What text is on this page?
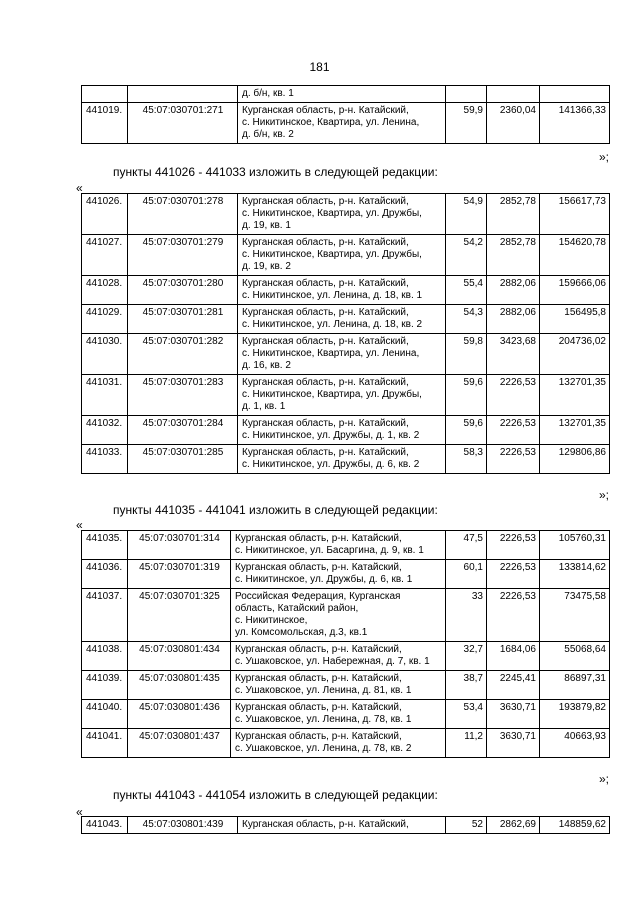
181
		д. б/н, кв. 1			
441019.	45:07:030701:271	Курганская область, р-н. Катайский,
с. Никитинское, Квартира, ул. Ленина,
д. б/н, кв. 2	59,9	2360,04	141366,33
»;
пункты 441026 - 441033 изложить в следующей редакции:
«
441026.	45:07:030701:278	Курганская область, р-н. Катайский,
с. Никитинское, Квартира, ул. Дружбы,
д. 19, кв. 1	54,9	2852,78	156617,73
441027.	45:07:030701:279	Курганская область, р-н. Катайский,
с. Никитинское, Квартира, ул. Дружбы,
д. 19, кв. 2	54,2	2852,78	154620,78
441028.	45:07:030701:280	Курганская область, р-н. Катайский,
с. Никитинское, ул. Ленина, д. 18, кв. 1	55,4	2882,06	159666,06
441029.	45:07:030701:281	Курганская область, р-н. Катайский,
с. Никитинское, ул. Ленина, д. 18, кв. 2	54,3	2882,06	156495,8
441030.	45:07:030701:282	Курганская область, р-н. Катайский,
с. Никитинское, Квартира, ул. Ленина,
д. 16, кв. 2	59,8	3423,68	204736,02
441031.	45:07:030701:283	Курганская область, р-н. Катайский,
с. Никитинское, Квартира, ул. Дружбы,
д. 1, кв. 1	59,6	2226,53	132701,35
441032.	45:07:030701:284	Курганская область, р-н. Катайский,
с. Никитинское, ул. Дружбы, д. 1, кв. 2	59,6	2226,53	132701,35
441033.	45:07:030701:285	Курганская область, р-н. Катайский,
с. Никитинское, ул. Дружбы, д. 6, кв. 2	58,3	2226,53	129806,86
»;
пункты 441035 - 441041 изложить в следующей редакции:
«
441035.	45:07:030701:314	Курганская область, р-н. Катайский,
с. Никитинское, ул. Басаргина, д. 9, кв. 1	47,5	2226,53	105760,31
441036.	45:07:030701:319	Курганская область, р-н. Катайский,
с. Никитинское, ул. Дружбы, д. 6, кв. 1	60,1	2226,53	133814,62
441037.	45:07:030701:325	Российская Федерация, Курганская
область, Катайский район,
с. Никитинское,
ул. Комсомольская, д.3, кв.1	33	2226,53	73475,58
441038.	45:07:030801:434	Курганская область, р-н. Катайский,
с. Ушаковское, ул. Набережная, д. 7, кв. 1	32,7	1684,06	55068,64
441039.	45:07:030801:435	Курганская область, р-н. Катайский,
с. Ушаковское, ул. Ленина, д. 81, кв. 1	38,7	2245,41	86897,31
441040.	45:07:030801:436	Курганская область, р-н. Катайский,
с. Ушаковское, ул. Ленина, д. 78, кв. 1	53,4	3630,71	193879,82
441041.	45:07:030801:437	Курганская область, р-н. Катайский,
с. Ушаковское, ул. Ленина, д. 78, кв. 2	11,2	3630,71	40663,93
»;
пункты 441043 - 441054 изложить в следующей редакции:
«
441043.	45:07:030801:439	Курганская область, р-н. Катайский,	52	2862,69	148859,62
